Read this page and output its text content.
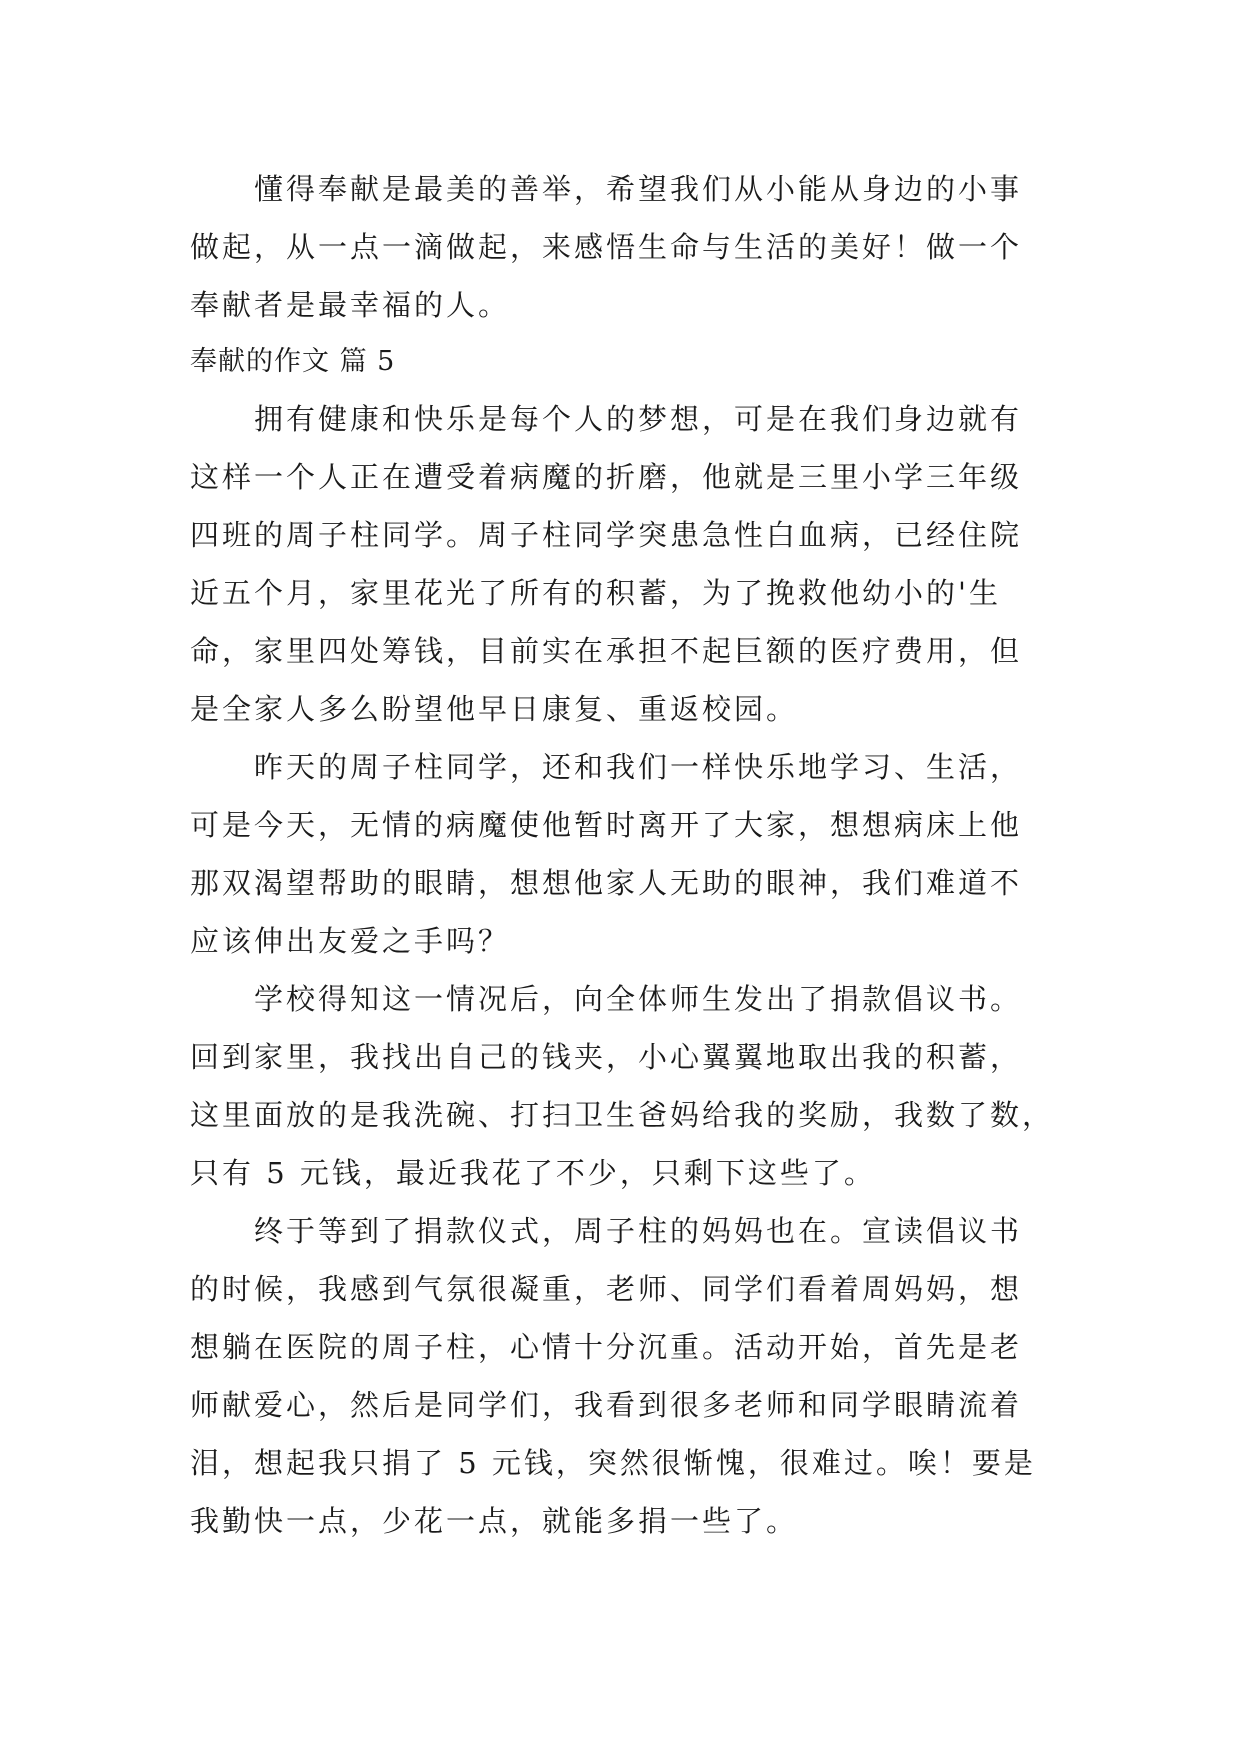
　　懂得奉献是最美的善举，希望我们从小能从身边的小事
做起，从一点一滴做起，来感悟生命与生活的美好！做一个
奉献者是最幸福的人。
奉献的作文 篇 5
　　拥有健康和快乐是每个人的梦想，可是在我们身边就有
这样一个人正在遭受着病魔的折磨，他就是三里小学三年级
四班的周子柱同学。周子柱同学突患急性白血病，已经住院
近五个月，家里花光了所有的积蓄，为了挽救他幼小的'生
命，家里四处筹钱，目前实在承担不起巨额的医疗费用，但
是全家人多么盼望他早日康复、重返校园。
　　昨天的周子柱同学，还和我们一样快乐地学习、生活，
可是今天，无情的病魔使他暂时离开了大家，想想病床上他
那双渴望帮助的眼睛，想想他家人无助的眼神，我们难道不
应该伸出友爱之手吗？
　　学校得知这一情况后，向全体师生发出了捐款倡议书。
回到家里，我找出自己的钱夹，小心翼翼地取出我的积蓄，
这里面放的是我洗碗、打扫卫生爸妈给我的奖励，我数了数，
只有 5 元钱，最近我花了不少，只剩下这些了。
　　终于等到了捐款仪式，周子柱的妈妈也在。宣读倡议书
的时候，我感到气氛很凝重，老师、同学们看着周妈妈，想
想躺在医院的周子柱，心情十分沉重。活动开始，首先是老
师献爱心，然后是同学们，我看到很多老师和同学眼睛流着
泪，想起我只捐了 5 元钱，突然很惭愧，很难过。唉！要是
我勤快一点，少花一点，就能多捐一些了。
